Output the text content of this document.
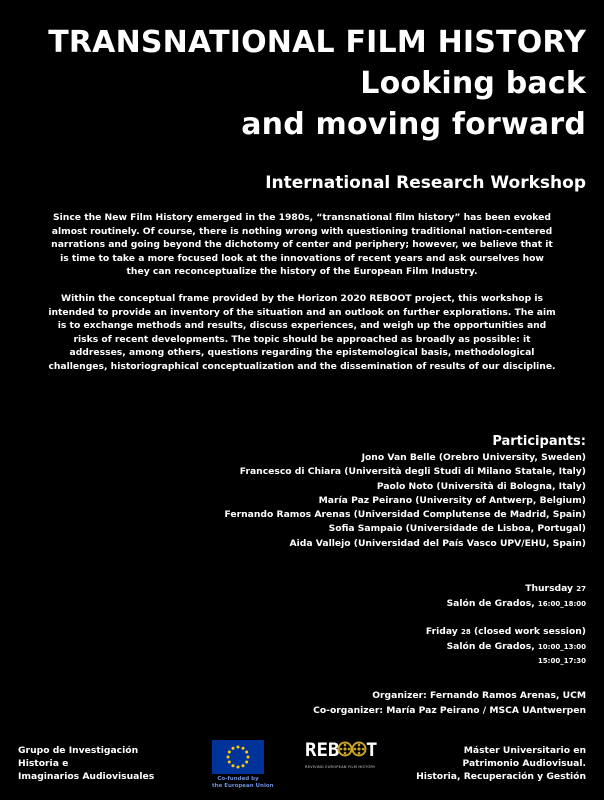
TRANSNATIONAL FILM HISTORY
Looking back
and moving forward
International Research Workshop
Since the New Film History emerged in the 1980s, “transnational film history” has been evoked
almost routinely. Of course, there is nothing wrong with questioning traditional nation-centered
narrations and going beyond the dichotomy of center and periphery; however, we believe that it
is time to take a more focused look at the innovations of recent years and ask ourselves how
they can reconceptualize the history of the European Film Industry.
Within the conceptual frame provided by the Horizon 2020 REBOOT project, this workshop is
intended to provide an inventory of the situation and an outlook on further explorations. The aim
is to exchange methods and results, discuss experiences, and weigh up the opportunities and
risks of recent developments. The topic should be approached as broadly as possible: it
addresses, among others, questions regarding the epistemological basis, methodological
challenges, historiographical conceptualization and the dissemination of results of our discipline.
Participants:
Jono Van Belle (Orebro University, Sweden)
Francesco di Chiara (Università degli Studi di Milano Statale, Italy)
Paolo Noto (Università di Bologna, Italy)
María Paz Peirano (University of Antwerp, Belgium)
Fernando Ramos Arenas (Universidad Complutense de Madrid, Spain)
Sofia Sampaio (Universidade de Lisboa, Portugal)
Aida Vallejo (Universidad del País Vasco UPV/EHU, Spain)
Thursday 27
Salón de Grados, 16:00_18:00
Friday 28 (closed work session)
Salón de Grados, 10:00_13:00
15:00_17:30
Organizer: Fernando Ramos Arenas, UCM
Co-organizer: María Paz Peirano / MSCA UAntwerpen
Grupo de Investigación
Historia e
Imaginarios Audiovisuales	Co-funded by
the European Union
REB T
REVIVING EUROPEAN FILM HISTORY
Máster Universitario en
Patrimonio Audiovisual.
Historia, Recuperación y Gestión
